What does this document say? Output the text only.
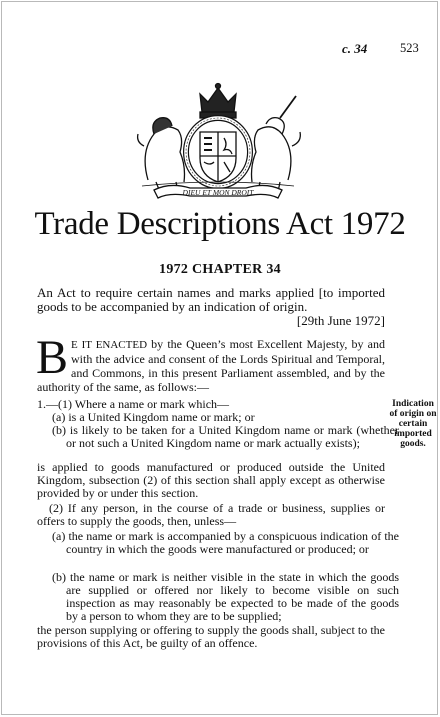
c. 34	523
DIEU ET MON DROIT
Trade Descriptions Act 1972
1972 CHAPTER 34
An Act to require certain names and marks applied [to imported goods to be accompanied by an indication of origin.
[29th June 1972]
B E IT ENACTED by the Queen’s most Excellent Majesty, by and with the advice and consent of the Lords Spiritual and Temporal, and Commons, in this present Parliament assembled, and by the authority of the same, as follows:—
1.—(1) Where a name or mark which—
(a) is a United Kingdom name or mark; or
(b) is likely to be taken for a United Kingdom name or mark (whether or not such a United Kingdom name or mark actually exists);
Indication of origin on certain imported goods.
is applied to goods manufactured or produced outside the United Kingdom, subsection (2) of this section shall apply except as otherwise provided by or under this section.
(2) If any person, in the course of a trade or business, supplies or offers to supply the goods, then, unless—
(a) the name or mark is accompanied by a conspicuous indication of the country in which the goods were manufactured or produced; or
(b) the name or mark is neither visible in the state in which the goods are supplied or offered nor likely to become visible on such inspection as may reasonably be expected to be made of the goods by a person to whom they are to be supplied;
the person supplying or offering to supply the goods shall, subject to the provisions of this Act, be guilty of an offence.
